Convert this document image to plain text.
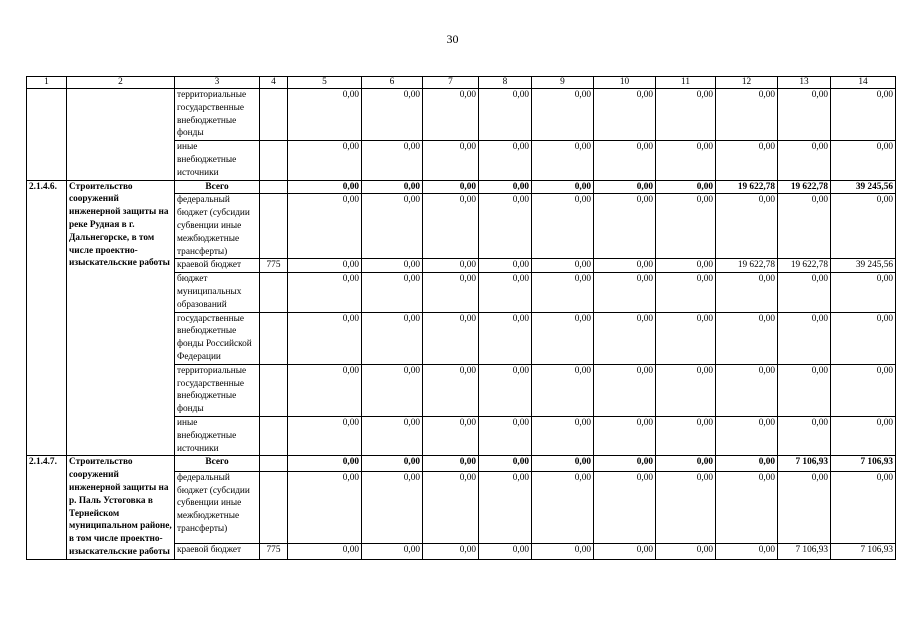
30
1	2	3	4	5	6	7	8	9	10	11	12	13	14
		территориальные государственные внебюджетные фонды		0,00	0,00	0,00	0,00	0,00	0,00	0,00	0,00	0,00	0,00
		иные внебюджетные источники		0,00	0,00	0,00	0,00	0,00	0,00	0,00	0,00	0,00	0,00
2.1.4.6.	Строительство сооружений инженерной защиты на реке Рудная в г. Дальнегорске, в том числе проектно-изыскательские работы	Всего		0,00	0,00	0,00	0,00	0,00	0,00	0,00	19 622,78	19 622,78	39 245,56
		федеральный бюджет (субсидии субвенции иные межбюджетные трансферты)		0,00	0,00	0,00	0,00	0,00	0,00	0,00	0,00	0,00	0,00
		краевой бюджет	775	0,00	0,00	0,00	0,00	0,00	0,00	0,00	19 622,78	19 622,78	39 245,56
		бюджет муниципальных образований		0,00	0,00	0,00	0,00	0,00	0,00	0,00	0,00	0,00	0,00
		государственные внебюджетные фонды Российской Федерации		0,00	0,00	0,00	0,00	0,00	0,00	0,00	0,00	0,00	0,00
		территориальные государственные внебюджетные фонды		0,00	0,00	0,00	0,00	0,00	0,00	0,00	0,00	0,00	0,00
		иные внебюджетные источники		0,00	0,00	0,00	0,00	0,00	0,00	0,00	0,00	0,00	0,00
2.1.4.7.	Строительство сооружений инженерной защиты на р. Паль Устоговка в Тернейском муниципальном районе, в том числе проектно-изыскательские работы	Всего		0,00	0,00	0,00	0,00	0,00	0,00	0,00	0,00	7 106,93	7 106,93
		федеральный бюджет (субсидии субвенции иные межбюджетные трансферты)		0,00	0,00	0,00	0,00	0,00	0,00	0,00	0,00	0,00	0,00
		краевой бюджет	775	0,00	0,00	0,00	0,00	0,00	0,00	0,00	0,00	7 106,93	7 106,93
